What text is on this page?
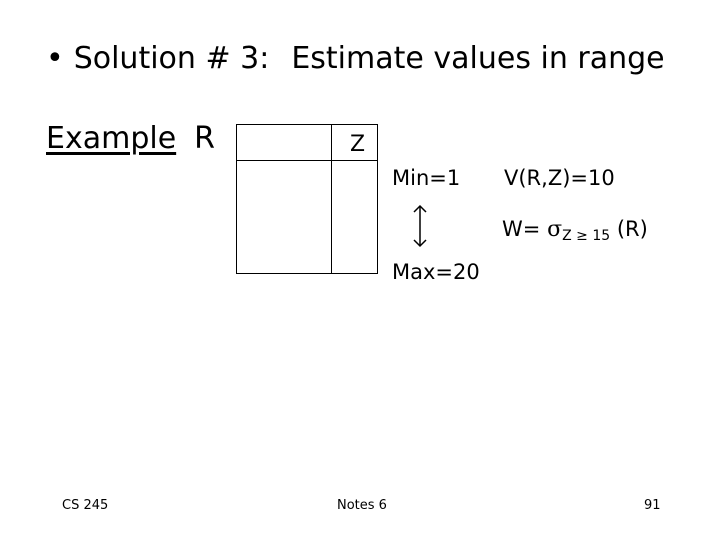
• Solution # 3: Estimate values in range
Example R	Z
Min=1
Max=20
V(R,Z)=10
$W= \sigma_{Z \ge 15}$ (R)
CS 245	Notes 6	91
